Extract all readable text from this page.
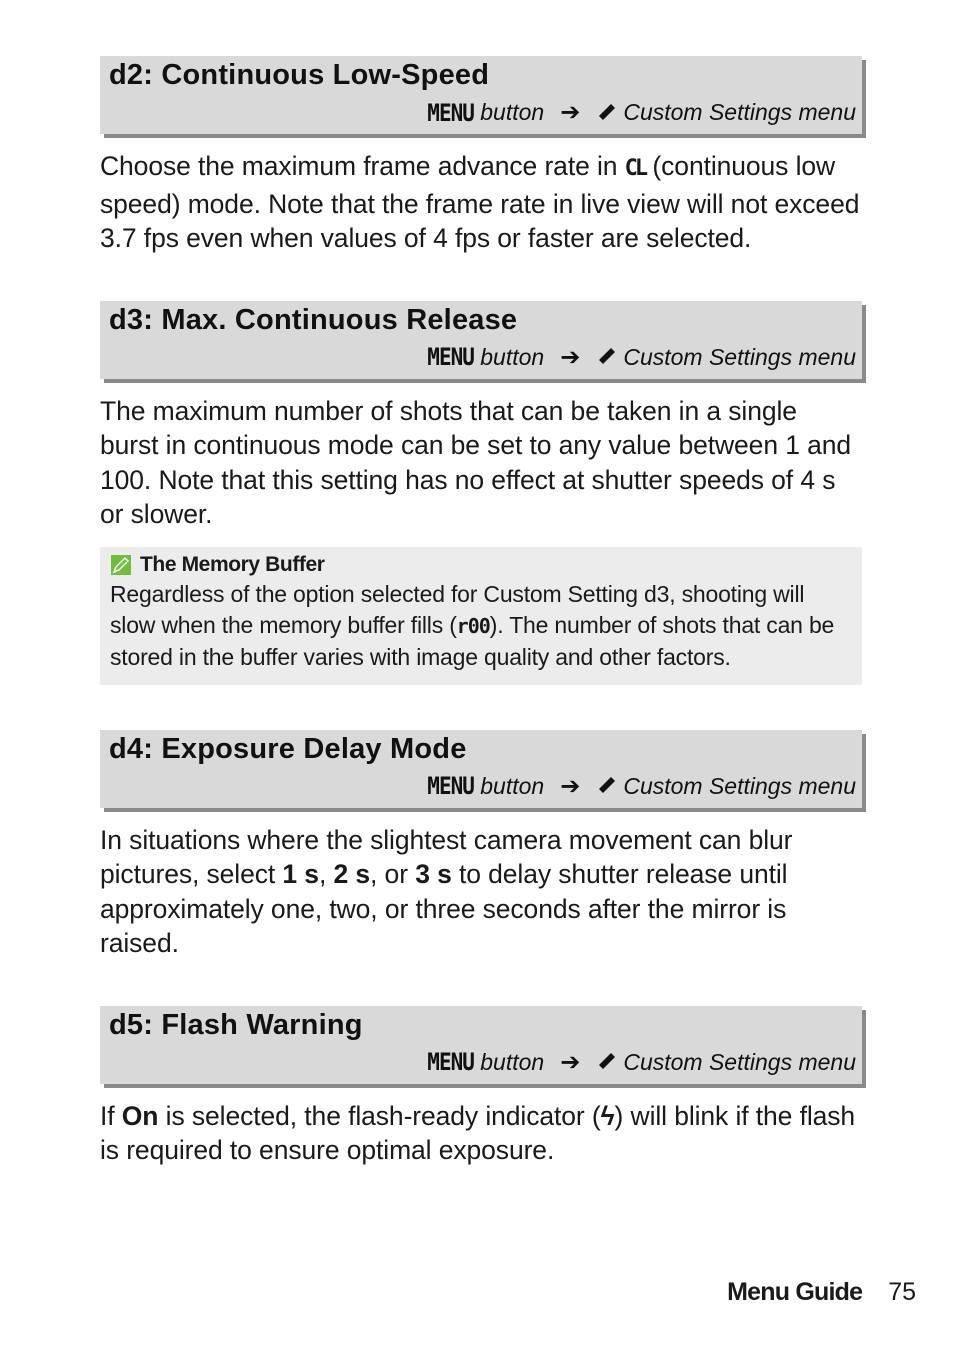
d2: Continuous Low-Speed
MENU
button ➔ Custom Settings menu

Choose the maximum frame advance rate in CL (continuous low speed) mode. Note that the frame rate in live view will not exceed 3.7 fps even when values of 4 fps or faster are selected.

d3: Max. Continuous Release
MENU
button ➔ Custom Settings menu

The maximum number of shots that can be taken in a single burst in continuous mode can be set to any value between 1 and 100. Note that this setting has no effect at shutter speeds of 4 s or slower.

The Memory Buffer
Regardless of the option selected for Custom Setting d3, shooting will slow when the memory buffer fills (r00). The number of shots that can be stored in the buffer varies with image quality and other factors.
d4: Exposure Delay Mode
MENU
button ➔ Custom Settings menu

In situations where the slightest camera movement can blur pictures, select 1 s, 2 s, or 3 s to delay shutter release until approximately one, two, or three seconds after the mirror is raised.

d5: Flash Warning
MENU
button ➔ Custom Settings menu

If On is selected, the flash-ready indicator (ϟ) will blink if the flash is required to ensure optimal exposure.

Menu Guide 75
